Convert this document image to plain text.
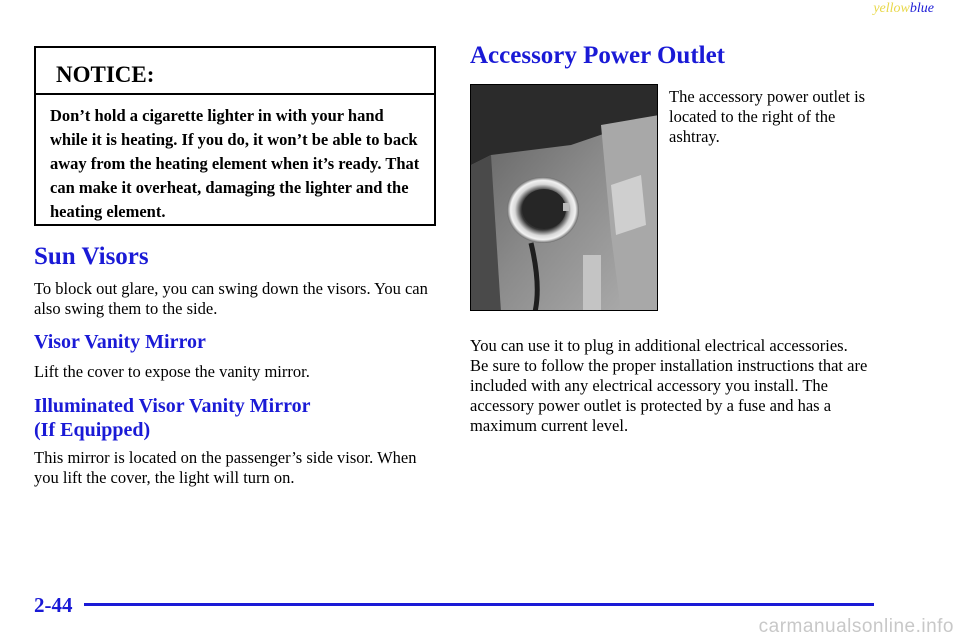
yellowblue
NOTICE:
Don’t hold a cigarette lighter in with your hand while it is heating. If you do, it won’t be able to back away from the heating element when it’s ready. That can make it overheat, damaging the lighter and the heating element.
Sun Visors

To block out glare, you can swing down the visors. You can also swing them to the side.

Visor Vanity Mirror

Lift the cover to expose the vanity mirror.

Illuminated Visor Vanity Mirror
(If Equipped)

This mirror is located on the passenger’s side visor. When you lift the cover, the light will turn on.

Accessory Power Outlet

The accessory power outlet is located to the right of the ashtray.

You can use it to plug in additional electrical accessories. Be sure to follow the proper installation instructions that are included with any electrical accessory you install. The accessory power outlet is protected by a fuse and has a maximum current level.

2-44
carmanualsonline.info
